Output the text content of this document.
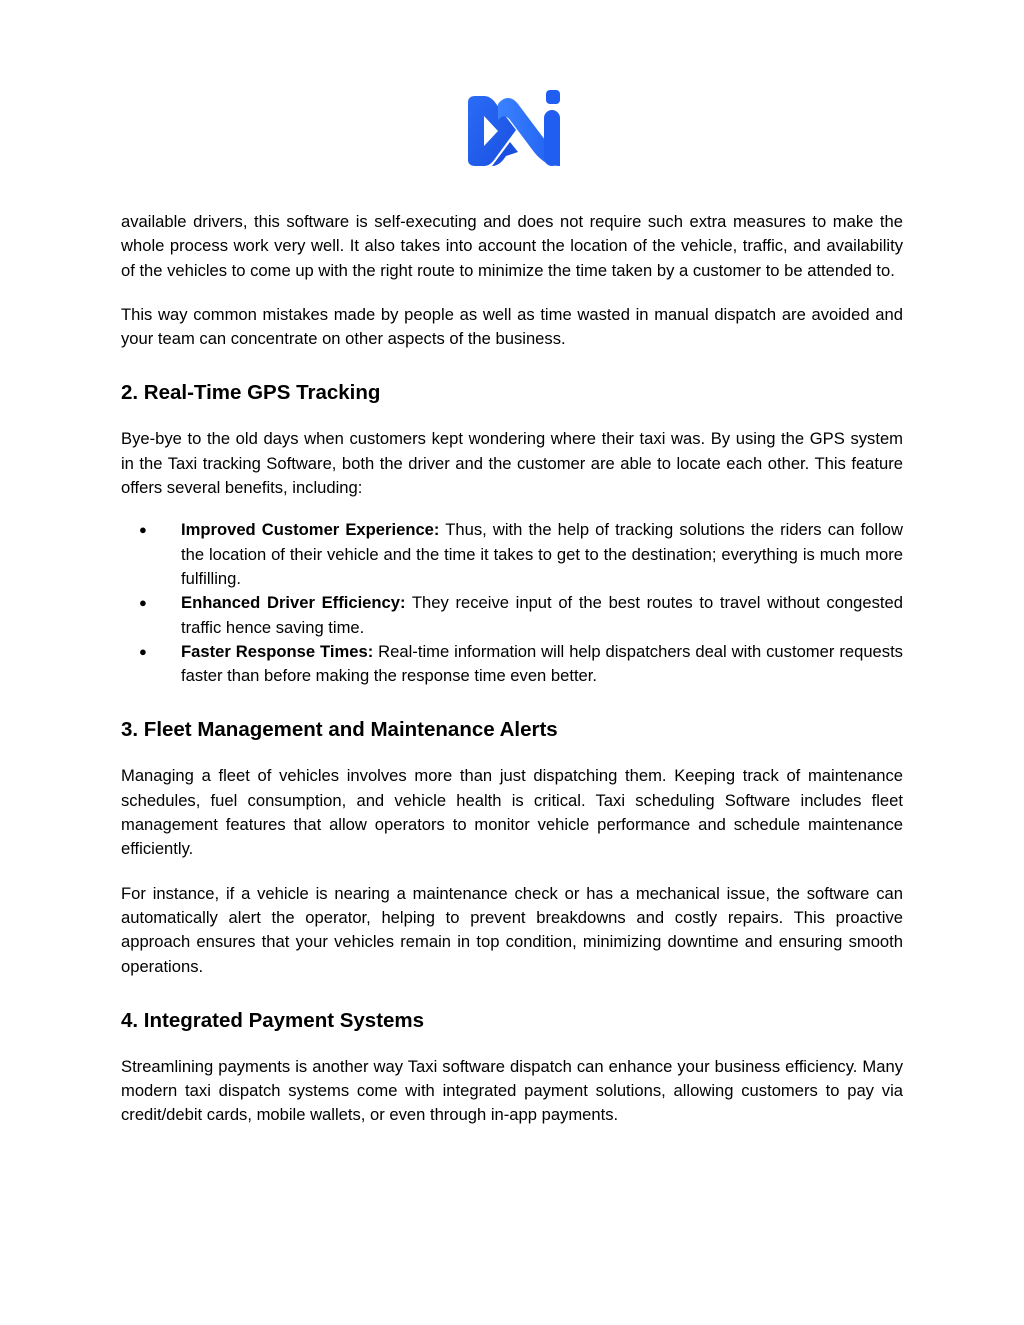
available drivers, this software is self-executing and does not require such extra measures to make the whole process work very well. It also takes into account the location of the vehicle, traffic, and availability of the vehicles to come up with the right route to minimize the time taken by a customer to be attended to.

This way common mistakes made by people as well as time wasted in manual dispatch are avoided and your team can concentrate on other aspects of the business.

2. Real-Time GPS Tracking

Bye-bye to the old days when customers kept wondering where their taxi was. By using the GPS system in the Taxi tracking Software, both the driver and the customer are able to locate each other. This feature offers several benefits, including:

● Improved Customer Experience: Thus, with the help of tracking solutions the riders can follow the location of their vehicle and the time it takes to get to the destination; everything is much more fulfilling.
● Enhanced Driver Efficiency: They receive input of the best routes to travel without congested traffic hence saving time.
● Faster Response Times: Real-time information will help dispatchers deal with customer requests faster than before making the response time even better.
3. Fleet Management and Maintenance Alerts

Managing a fleet of vehicles involves more than just dispatching them. Keeping track of maintenance schedules, fuel consumption, and vehicle health is critical. Taxi scheduling Software includes fleet management features that allow operators to monitor vehicle performance and schedule maintenance efficiently.

For instance, if a vehicle is nearing a maintenance check or has a mechanical issue, the software can automatically alert the operator, helping to prevent breakdowns and costly repairs. This proactive approach ensures that your vehicles remain in top condition, minimizing downtime and ensuring smooth operations.

4. Integrated Payment Systems

Streamlining payments is another way Taxi software dispatch can enhance your business efficiency. Many modern taxi dispatch systems come with integrated payment solutions, allowing customers to pay via credit/debit cards, mobile wallets, or even through in-app payments.
